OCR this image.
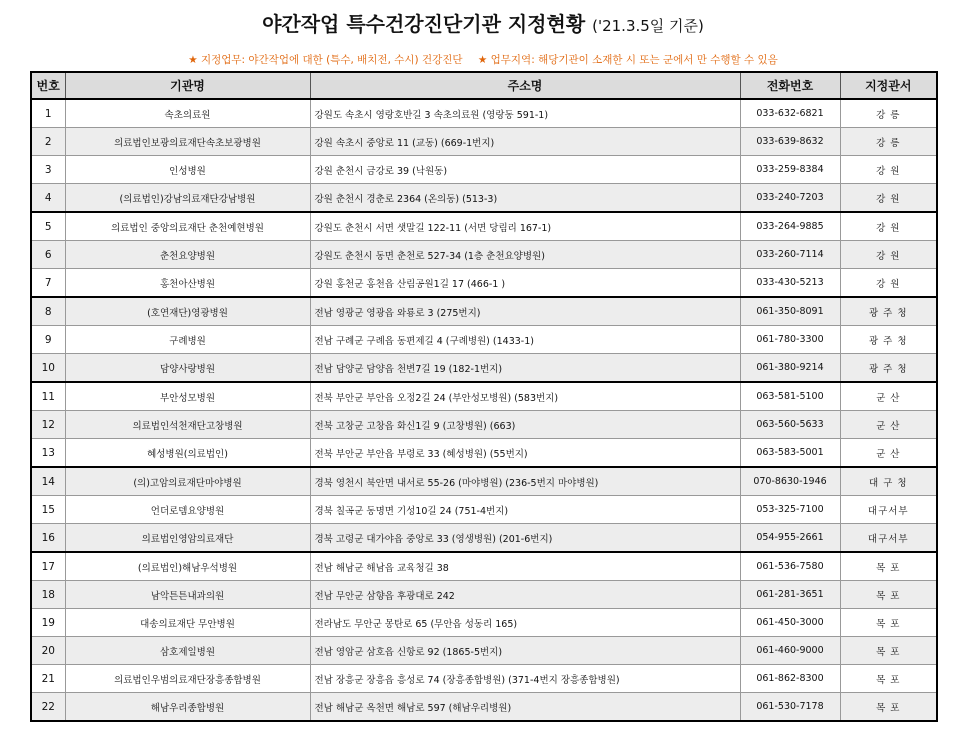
야간작업 특수건강진단기관 지정현황 ('21.3.5일 기준)
★ 지정업무: 야간작업에 대한 (특수, 배치전, 수시) 건강진단 ★ 업무지역: 해당기관이 소재한 시 또는 군에서 만 수행할 수 있음
번호	기관명	주소명	전화번호	지정관서
1	속초의료원	강원도 속초시 영랑호반길 3 속초의료원 (영랑동 591-1)	033-632-6821	강 릉
2	의료법인보광의료재단속초보광병원	강원 속초시 중앙로 11 (교동) (669-1번지)	033-639-8632	강 릉
3	인성병원	강원 춘천시 금강로 39 (낙원동)	033-259-8384	강 원
4	(의료법인)강남의료재단강남병원	강원 춘천시 경춘로 2364 (온의동) (513-3)	033-240-7203	강 원
5	의료법인 중앙의료재단 춘천예현병원	강원도 춘천시 서면 샛말길 122-11 (서면 당림리 167-1)	033-264-9885	강 원
6	춘천요양병원	강원도 춘천시 동면 춘천로 527-34 (1층 춘천요양병원)	033-260-7114	강 원
7	홍천아산병원	강원 홍천군 홍천읍 산림공원1길 17 (466-1 )	033-430-5213	강 원
8	(호연재단)영광병원	전남 영광군 영광읍 와룡로 3 (275번지)	061-350-8091	광 주 청
9	구례병원	전남 구례군 구례읍 동편제길 4 (구례병원) (1433-1)	061-780-3300	광 주 청
10	담양사랑병원	전남 담양군 담양읍 천변7길 19 (182-1번지)	061-380-9214	광 주 청
11	부안성모병원	전북 부안군 부안읍 오정2길 24 (부안성모병원) (583번지)	063-581-5100	군 산
12	의료법인석천재단고창병원	전북 고창군 고창읍 화신1길 9 (고창병원) (663)	063-560-5633	군 산
13	혜성병원(의료법인)	전북 부안군 부안읍 부령로 33 (혜성병원) (55번지)	063-583-5001	군 산
14	(의)고암의료재단마야병원	경북 영천시 북안면 내서로 55-26 (마야병원) (236-5번지 마야병원)	070-8630-1946	대 구 청
15	언더로뎀요양병원	경북 칠곡군 동명면 기성10길 24 (751-4번지)	053-325-7100	대구서부
16	의료법인영암의료재단	경북 고령군 대가야읍 중앙로 33 (영생병원) (201-6번지)	054-955-2661	대구서부
17	(의료법인)해남우석병원	전남 해남군 해남읍 교육청길 38	061-536-7580	목 포
18	남악튼튼내과의원	전남 무안군 삼향읍 후광대로 242	061-281-3651	목 포
19	대송의료재단 무안병원	전라남도 무안군 몽탄로 65 (무안읍 성동리 165)	061-450-3000	목 포
20	삼호제일병원	전남 영암군 삼호읍 신항로 92 (1865-5번지)	061-460-9000	목 포
21	의료법인우범의료재단장흥종합병원	전남 장흥군 장흥읍 흥성로 74 (장흥종합병원) (371-4번지 장흥종합병원)	061-862-8300	목 포
22	해남우리종합병원	전남 해남군 옥천면 해남로 597 (해남우리병원)	061-530-7178	목 포
